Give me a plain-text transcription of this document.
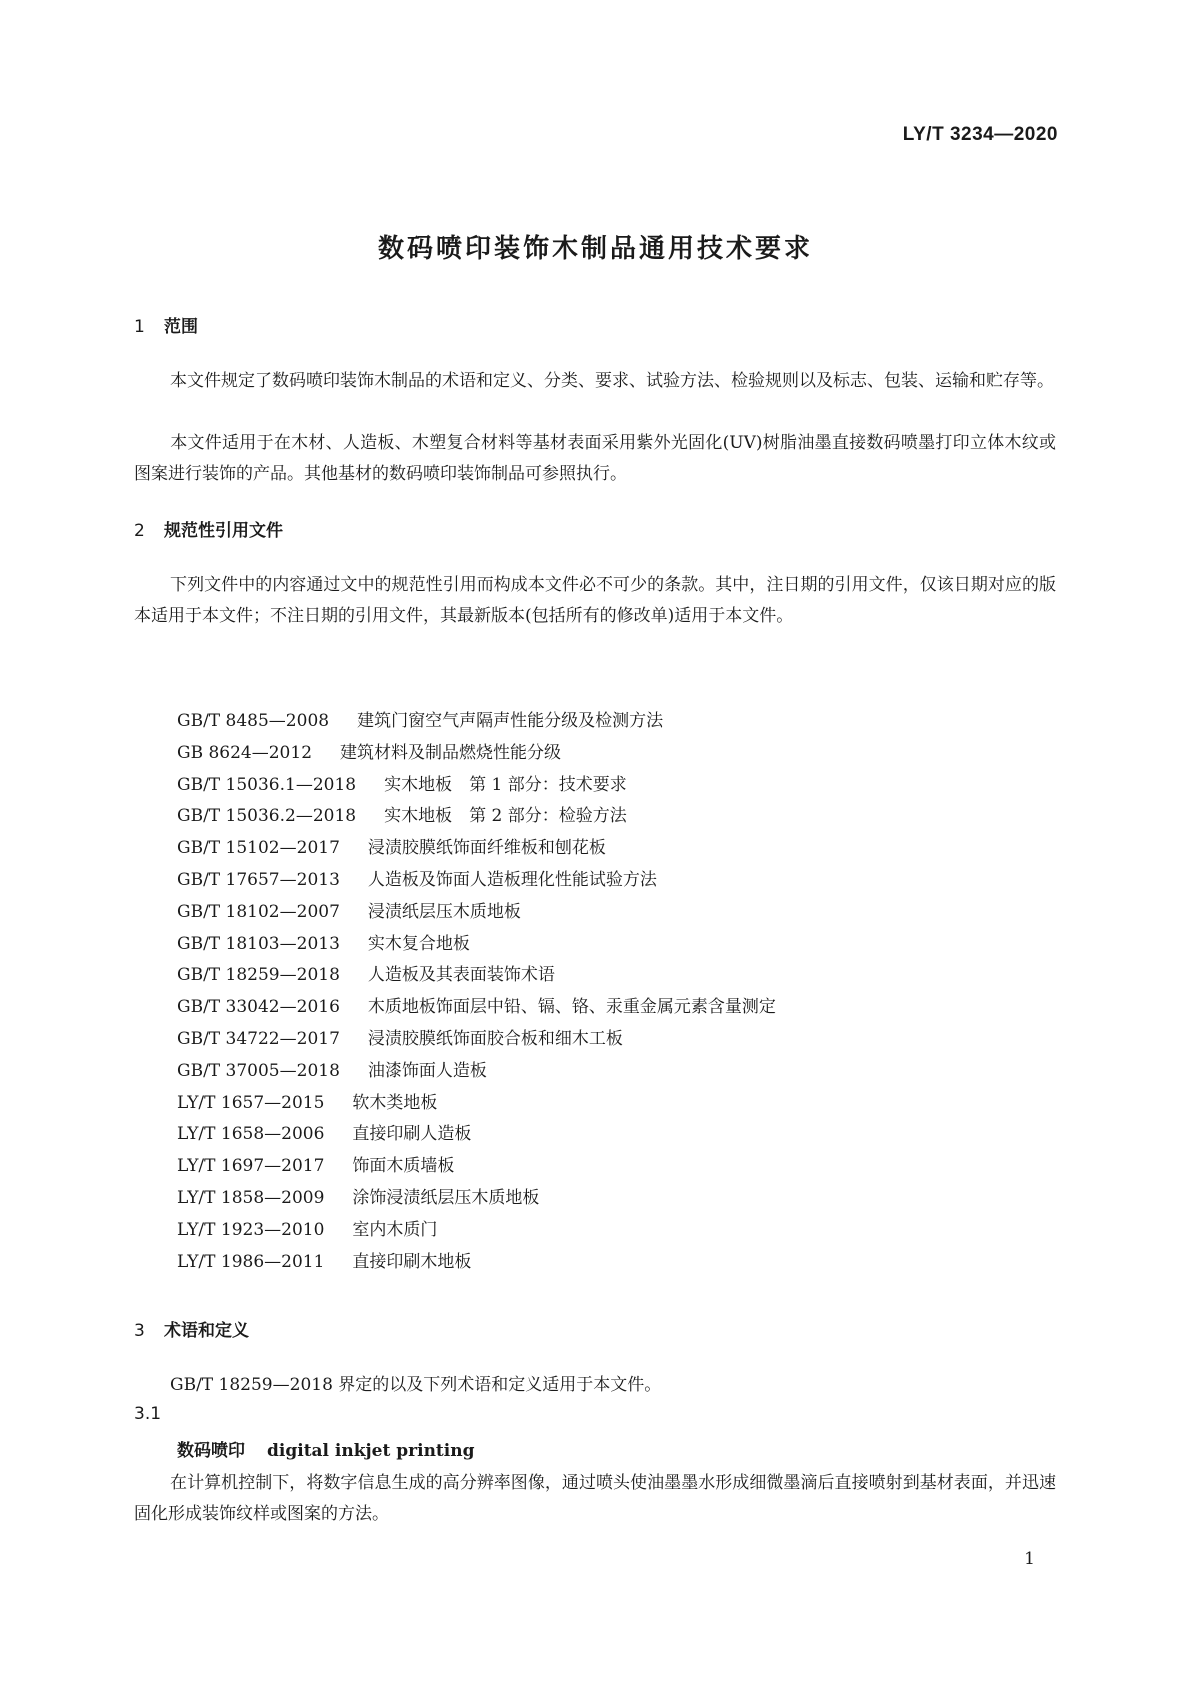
LY/T 3234—2020
数码喷印装饰木制品通用技术要求
1 范围
本文件规定了数码喷印装饰木制品的术语和定义、分类、要求、试验方法、检验规则以及标志、包装、运输和贮存等。
本文件适用于在木材、人造板、木塑复合材料等基材表面采用紫外光固化(UV)树脂油墨直接数码喷墨打印立体木纹或图案进行装饰的产品。其他基材的数码喷印装饰制品可参照执行。
2 规范性引用文件
下列文件中的内容通过文中的规范性引用而构成本文件必不可少的条款。其中，注日期的引用文件，仅该日期对应的版本适用于本文件；不注日期的引用文件，其最新版本(包括所有的修改单)适用于本文件。
GB/T 8485—2008 建筑门窗空气声隔声性能分级及检测方法
GB 8624—2012 建筑材料及制品燃烧性能分级
GB/T 15036.1—2018 实木地板　第 1 部分：技术要求
GB/T 15036.2—2018 实木地板　第 2 部分：检验方法
GB/T 15102—2017 浸渍胶膜纸饰面纤维板和刨花板
GB/T 17657—2013 人造板及饰面人造板理化性能试验方法
GB/T 18102—2007 浸渍纸层压木质地板
GB/T 18103—2013 实木复合地板
GB/T 18259—2018 人造板及其表面装饰术语
GB/T 33042—2016 木质地板饰面层中铅、镉、铬、汞重金属元素含量测定
GB/T 34722—2017 浸渍胶膜纸饰面胶合板和细木工板
GB/T 37005—2018 油漆饰面人造板
LY/T 1657—2015 软木类地板
LY/T 1658—2006 直接印刷人造板
LY/T 1697—2017 饰面木质墙板
LY/T 1858—2009 涂饰浸渍纸层压木质地板
LY/T 1923—2010 室内木质门
LY/T 1986—2011 直接印刷木地板
3 术语和定义
GB/T 18259—2018 界定的以及下列术语和定义适用于本文件。
3.1
数码喷印 digital inkjet printing
在计算机控制下，将数字信息生成的高分辨率图像，通过喷头使油墨墨水形成细微墨滴后直接喷射到基材表面，并迅速固化形成装饰纹样或图案的方法。
1
